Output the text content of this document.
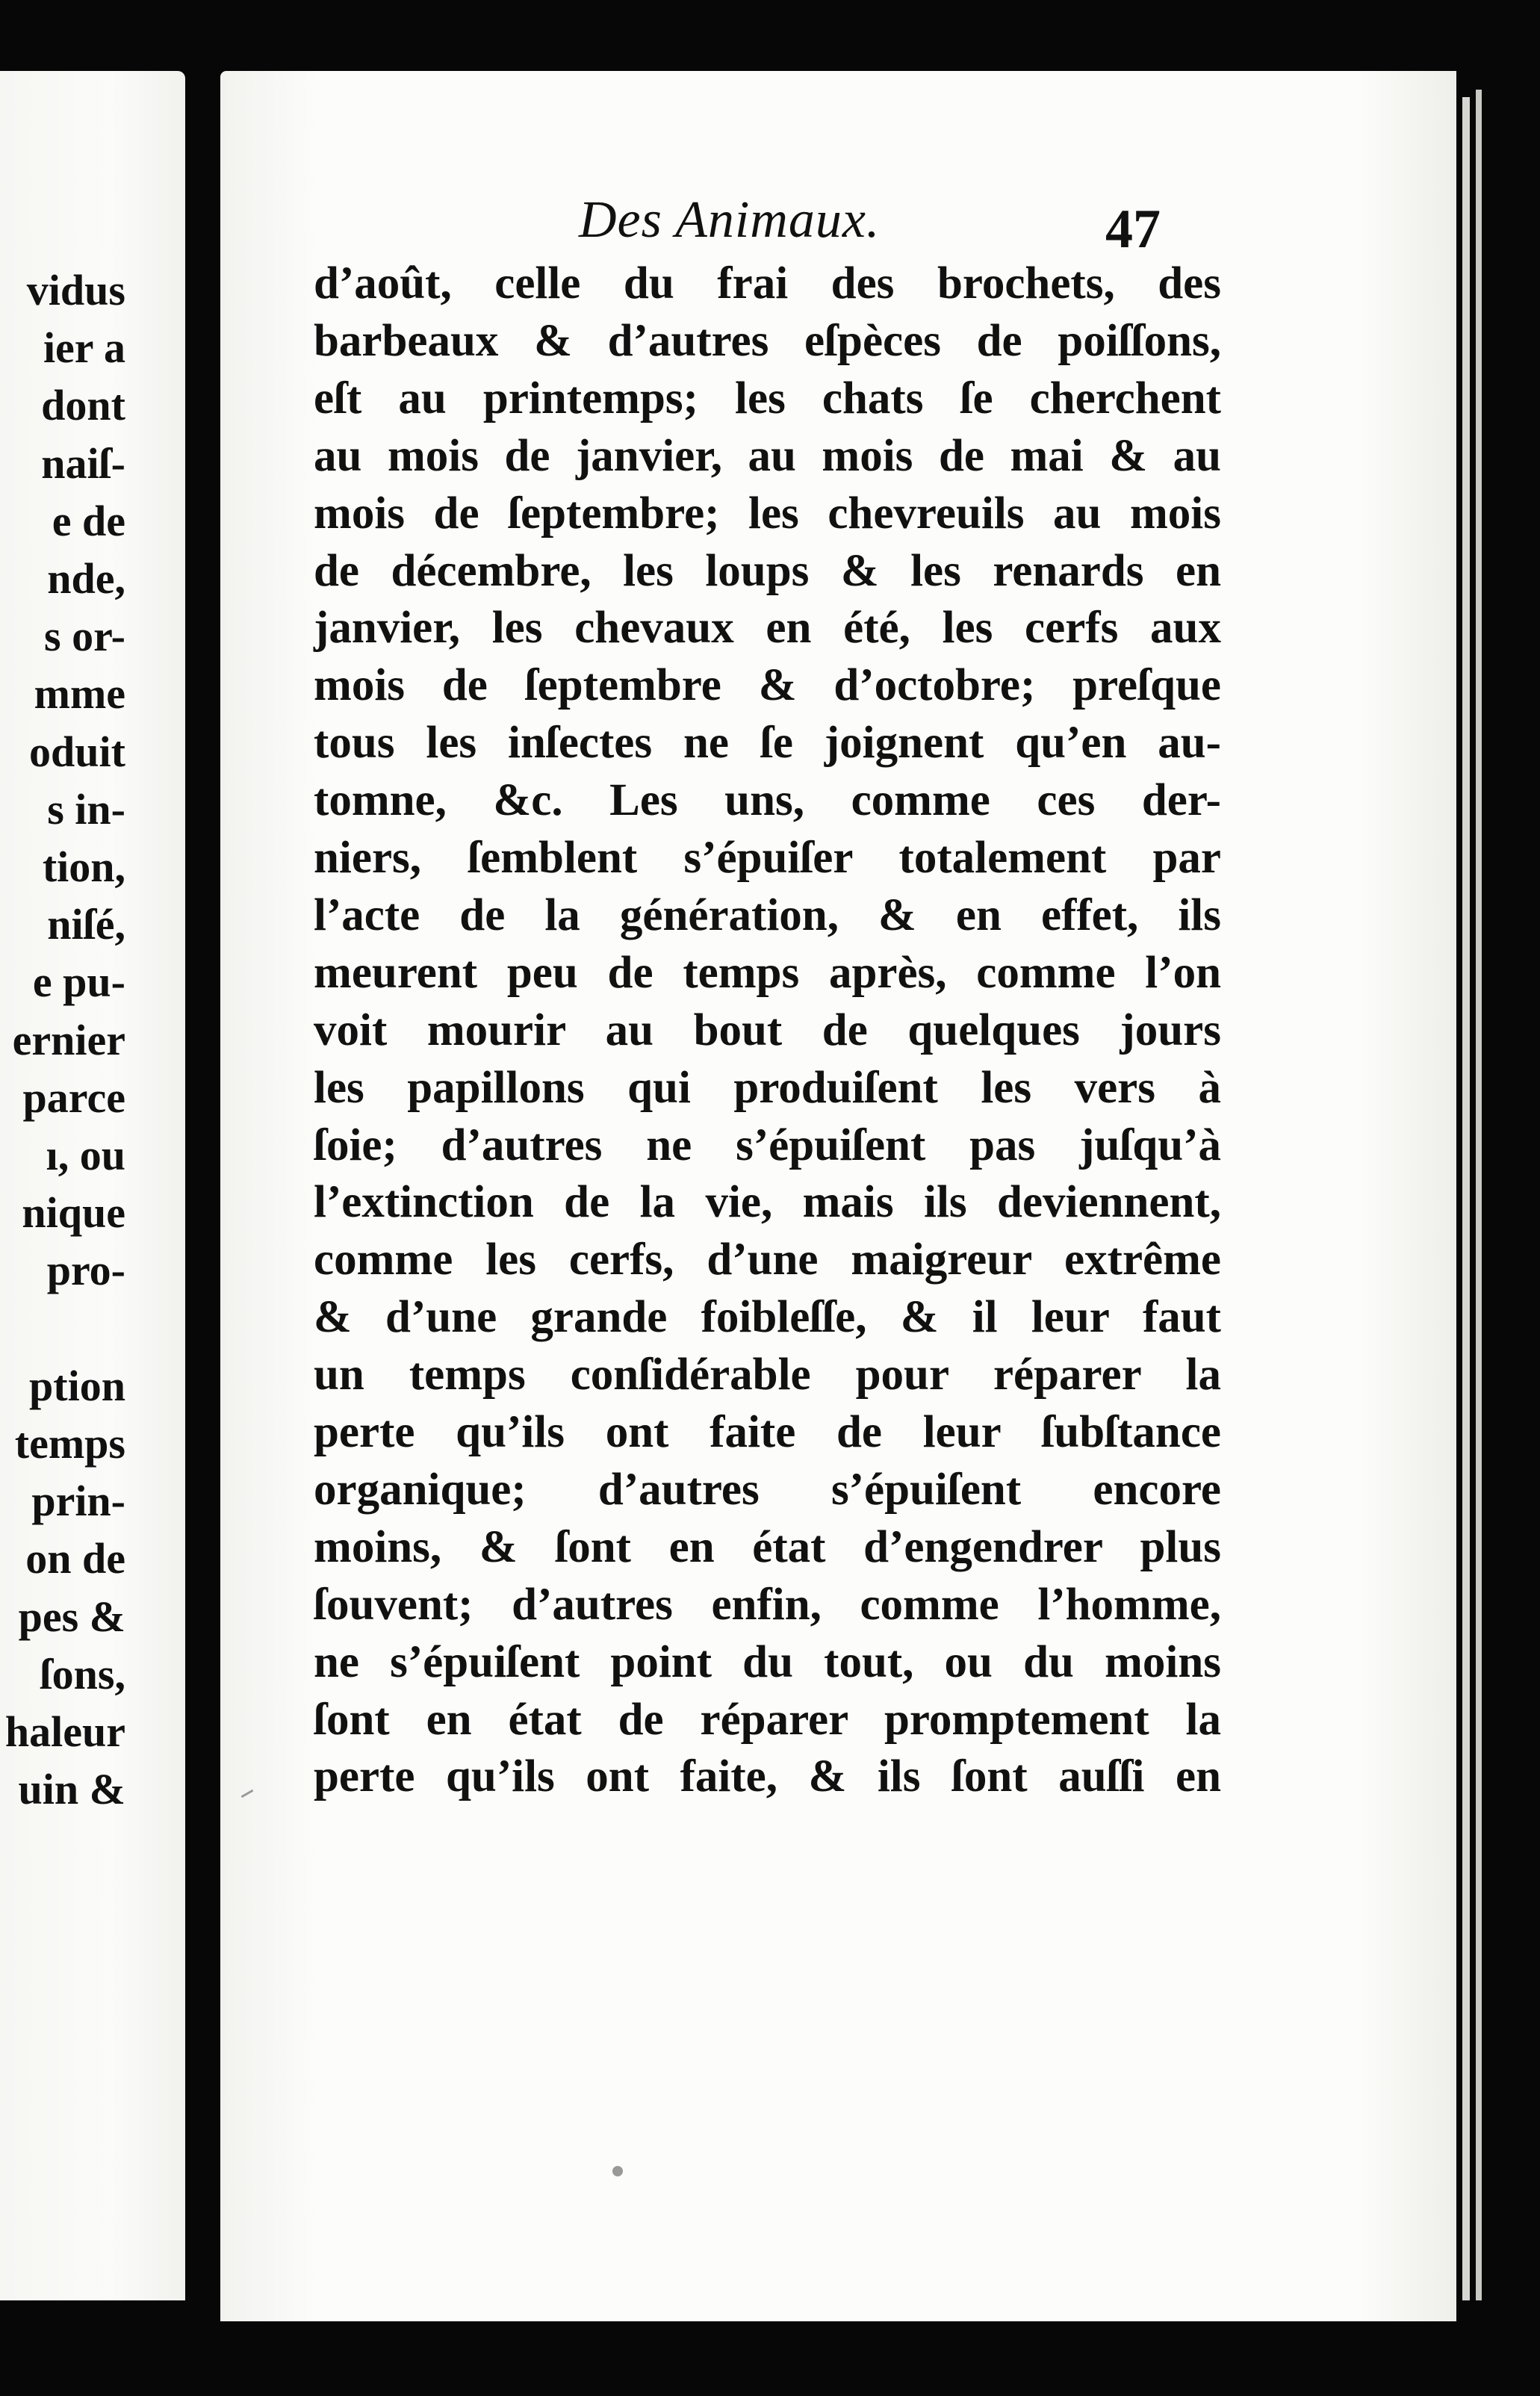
vidus
ier a
dont
naiſ-
e de
nde,
s or-
mme
oduit
s in-
tion,
niſé,
e pu-
ernier
parce
ı, ou
nique
pro-
ption
temps
prin-
on de
pes &
ſons,
haleur
uin &
Des Animaux.	47
d’août, celle du frai des brochets, des
barbeaux & d’autres eſpèces de poiſſons,
eſt au printemps; les chats ſe cherchent
au mois de janvier, au mois de mai & au
mois de ſeptembre; les chevreuils au mois
de décembre, les loups & les renards en
janvier, les chevaux en été, les cerfs aux
mois de ſeptembre & d’octobre; preſque
tous les inſectes ne ſe joignent qu’en au-
tomne, &c. Les uns, comme ces der-
niers, ſemblent s’épuiſer totalement par
l’acte de la génération, & en effet, ils
meurent peu de temps après, comme l’on
voit mourir au bout de quelques jours
les papillons qui produiſent les vers à
ſoie; d’autres ne s’épuiſent pas juſqu’à
l’extinction de la vie, mais ils deviennent,
comme les cerfs, d’une maigreur extrême
& d’une grande foibleſſe, & il leur faut
un temps conſidérable pour réparer la
perte qu’ils ont faite de leur ſubſtance
organique; d’autres s’épuiſent encore
moins, & ſont en état d’engendrer plus
ſouvent; d’autres enfin, comme l’homme,
ne s’épuiſent point du tout, ou du moins
ſont en état de réparer promptement la
perte qu’ils ont faite, & ils ſont auſſi en
